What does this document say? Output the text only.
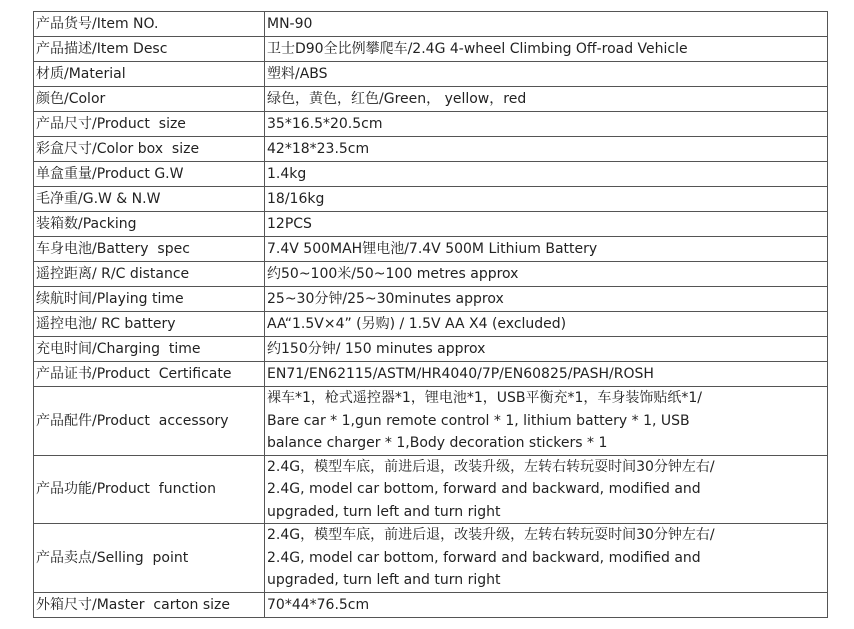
产品货号/Item NO.	MN-90

产品描述/Item Desc	卫士D90全比例攀爬车/2.4G 4-wheel Climbing Off-road Vehicle

材质/Material	塑料/ABS

颜色/Color	绿色，黄色，红色/Green， yellow，red

产品尺寸/Product  size	35*16.5*20.5cm

彩盒尺寸/Color box  size	42*18*23.5cm

单盒重量/Product G.W	1.4kg

毛净重/G.W & N.W	18/16kg

装箱数/Packing	12PCS

车身电池/Battery  spec	7.4V 500MAH锂电池/7.4V 500M Lithium Battery

遥控距离/ R/C distance	约50~100米/50~100 metres approx

续航时间/Playing time	25~30分钟/25~30minutes approx

遥控电池/ RC battery	AA“1.5V×4” (另购) / 1.5V AA X4 (excluded)

充电时间/Charging  time	约150分钟/ 150 minutes approx

产品证书/Product  Certificate	EN71/EN62115/ASTM/HR4040/7P/EN60825/PASH/ROSH

产品配件/Product  accessory	裸车*1，枪式遥控器*1，锂电池*1，USB平衡充*1，车身装饰贴纸*1/
Bare car * 1,gun remote control * 1, lithium battery * 1, USB
balance charger * 1,Body decoration stickers * 1

产品功能/Product  function	2.4G，模型车底，前进后退，改装升级，左转右转玩耍时间30分钟左右/
2.4G, model car bottom, forward and backward, modified and
upgraded, turn left and turn right

产品卖点/Selling  point	2.4G，模型车底，前进后退，改装升级，左转右转玩耍时间30分钟左右/
2.4G, model car bottom, forward and backward, modified and
upgraded, turn left and turn right

外箱尺寸/Master  carton size	70*44*76.5cm
